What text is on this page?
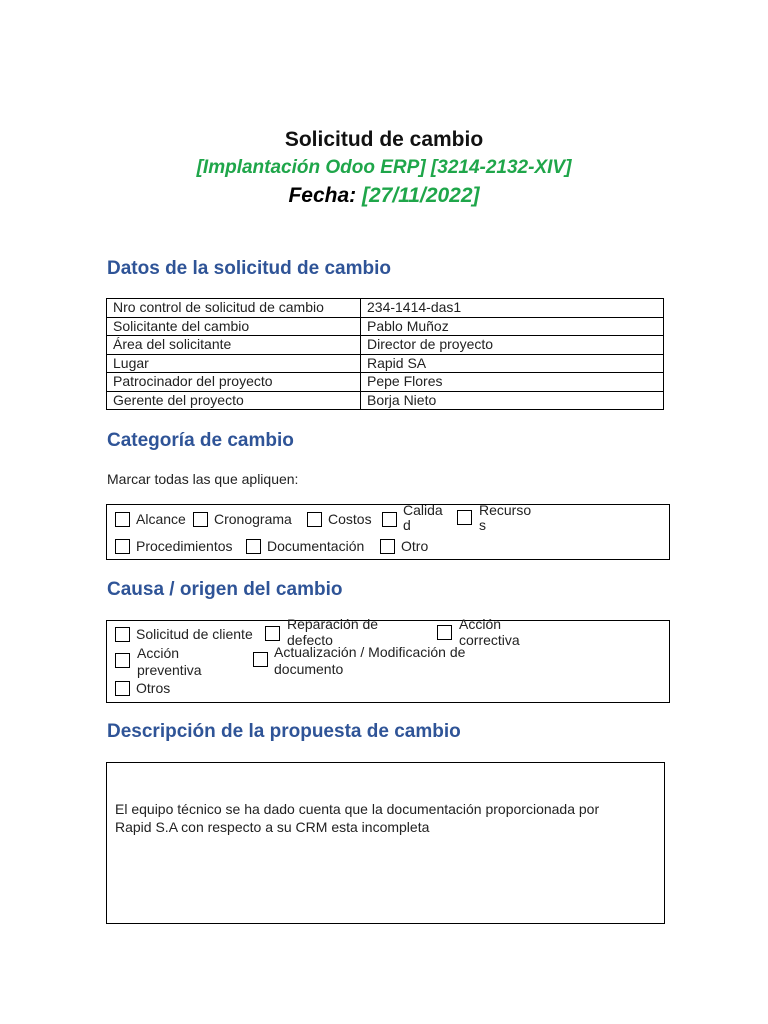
Solicitud de cambio
[Implantación Odoo ERP] [3214-2132-XIV]
Fecha: [27/11/2022]
Datos de la solicitud de cambio
Nro control de solicitud de cambio	234-1414-das1
Solicitante del cambio	Pablo Muñoz
Área del solicitante	Director de proyecto
Lugar	Rapid SA
Patrocinador del proyecto	Pepe Flores
Gerente del proyecto	Borja Nieto
Categoría de cambio
Marcar todas las que apliquen:
Alcance	Cronograma	Costos
Calida
d
Recurso
s
Procedimientos	Documentación	Otro
Causa / origen del cambio
Solicitud de cliente
Reparación de
defecto
Acción
correctiva
Acción
preventiva
Actualización / Modificación de
documento
Otros
Descripción de la propuesta de cambio
El equipo técnico se ha dado cuenta que la documentación proporcionada por
Rapid S.A con respecto a su CRM esta incompleta
